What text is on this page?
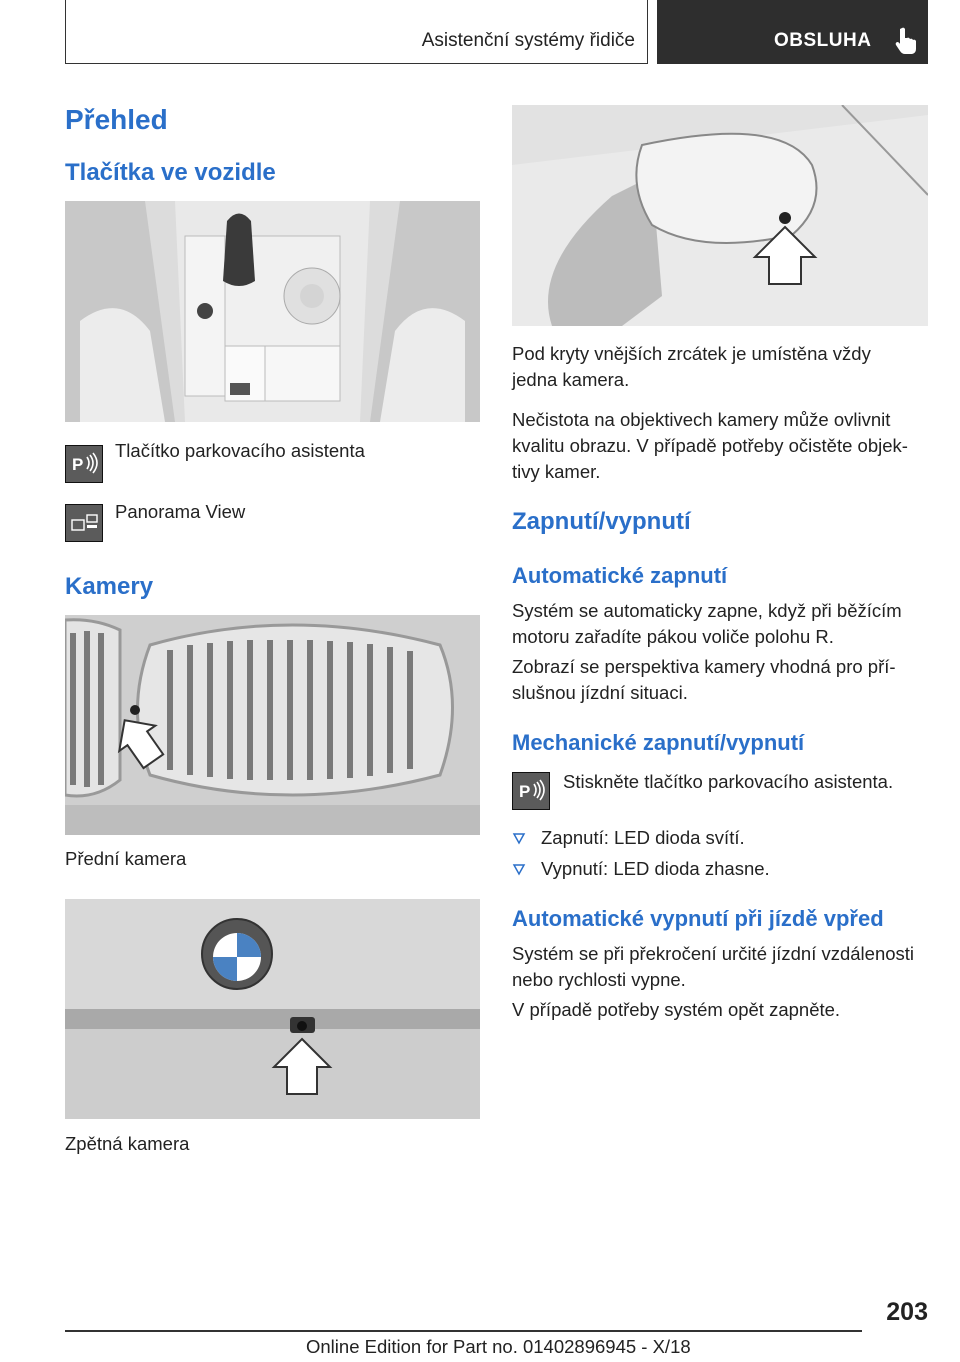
Asistenční systémy řidiče	OBSLUHA
Přehled
Tlačítka ve vozidle
P
Tlačítko parkovacího asistenta
Panorama View
Kamery
Přední kamera
Zpětná kamera
Pod kryty vnějších zrcátek je umístěna vždy
jedna kamera.
Nečistota na objektivech kamery může ovlivnit
kvalitu obrazu. V případě potřeby očistěte objek‐
tivy kamer.
Zapnutí/vypnutí
Automatické zapnutí
Systém se automaticky zapne, když při běžícím
motoru zařadíte pákou voliče polohu R.
Zobrazí se perspektiva kamery vhodná pro pří‐
slušnou jízdní situaci.
Mechanické zapnutí/vypnutí
P Stiskněte tlačítko parkovacího asistenta.
Zapnutí: LED dioda svítí.
Vypnutí: LED dioda zhasne.
Automatické vypnutí při jízdě vpřed
Systém se při překročení určité jízdní vzdálenosti
nebo rychlosti vypne.
V případě potřeby systém opět zapněte.
203
Online Edition for Part no. 01402896945 - X/18
